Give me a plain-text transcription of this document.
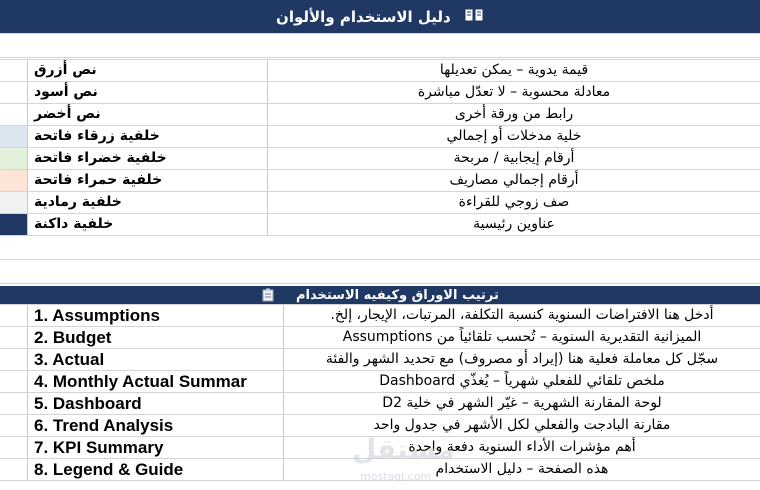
دليل الاستخدام والألوان
نص أزرق	قيمة يدوية – يمكن تعديلها
نص أسود	معادلة محسوبة – لا تعدّل مباشرة
نص أخضر	رابط من ورقة أخرى
خلفية زرقاء فاتحة	خلية مدخلات أو إجمالي
خلفية خضراء فاتحة	أرقام إيجابية / مربحة
خلفية حمراء فاتحة	أرقام إجمالي مصاريف
خلفية رمادية	صف زوجي للقراءة
خلفية داكنة	عناوين رئيسية
ترتيب الاوراق وكيفيه الاستخدام
1. Assumptions	أدخل هنا الافتراضات السنوية كنسبة التكلفة، المرتبات، الإيجار، إلخ.
2. Budget	الميزانية التقديرية السنوية – تُحسب تلقائياً من Assumptions
3. Actual	سجّل كل معاملة فعلية هنا (إيراد أو مصروف) مع تحديد الشهر والفئة
4. Monthly Actual Summar	ملخص تلقائي للفعلي شهرياً – يُغذّي Dashboard
5. Dashboard	لوحة المقارنة الشهرية – غيّر الشهر في خلية D2
6. Trend Analysis	مقارنة البادجت والفعلي لكل الأشهر في جدول واحد
7. KPI Summary	أهم مؤشرات الأداء السنوية دفعة واحدة
8. Legend & Guide	هذه الصفحة – دليل الاستخدام
مستقل
mostaql.com
